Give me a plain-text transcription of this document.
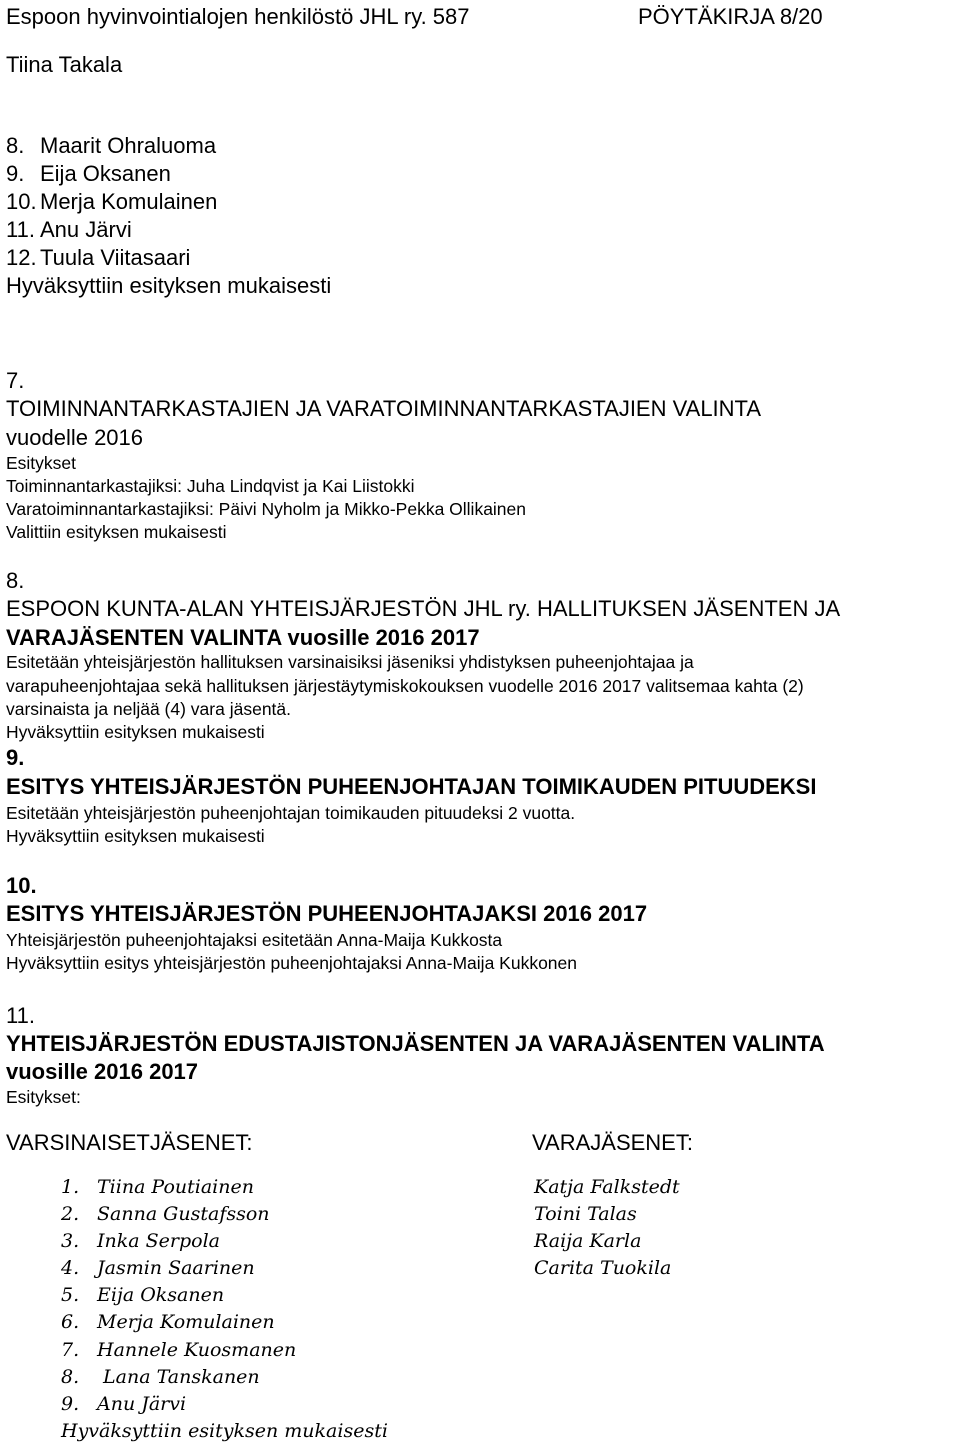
Espoon hyvinvointialojen henkilöstö JHL ry. 587	PÖYTÄKIRJA 8/20
Tiina Takala
8. Maarit Ohraluoma
9. Eija Oksanen
10. Merja Komulainen
11. Anu Järvi
12. Tuula Viitasaari
Hyväksyttiin esityksen mukaisesti
7.
TOIMINNANTARKASTAJIEN JA VARATOIMINNANTARKASTAJIEN VALINTA
vuodelle 2016
Esitykset
Toiminnantarkastajiksi: Juha Lindqvist ja Kai Liistokki
Varatoiminnantarkastajiksi: Päivi Nyholm ja Mikko-Pekka Ollikainen
Valittiin esityksen mukaisesti
8.
ESPOON KUNTA-ALAN YHTEISJÄRJESTÖN JHL ry. HALLITUKSEN JÄSENTEN JA
VARAJÄSENTEN VALINTA vuosille 2016 2017
Esitetään yhteisjärjestön hallituksen varsinaisiksi jäseniksi yhdistyksen puheenjohtajaa ja
varapuheenjohtajaa sekä hallituksen järjestäytymiskokouksen vuodelle 2016 2017 valitsemaa kahta (2)
varsinaista ja neljää (4) vara jäsentä.
Hyväksyttiin esityksen mukaisesti
9.
ESITYS YHTEISJÄRJESTÖN PUHEENJOHTAJAN TOIMIKAUDEN PITUUDEKSI
Esitetään yhteisjärjestön puheenjohtajan toimikauden pituudeksi 2 vuotta.
Hyväksyttiin esityksen mukaisesti
10.
ESITYS YHTEISJÄRJESTÖN PUHEENJOHTAJAKSI 2016 2017
Yhteisjärjestön puheenjohtajaksi esitetään Anna-Maija Kukkosta
Hyväksyttiin esitys yhteisjärjestön puheenjohtajaksi Anna-Maija Kukkonen
11.
YHTEISJÄRJESTÖN EDUSTAJISTONJÄSENTEN JA VARAJÄSENTEN VALINTA
vuosille 2016 2017
Esitykset:
VARSINAISETJÄSENET:	VARAJÄSENET:
1. Tiina Poutiainen
2. Sanna Gustafsson
3. Inka Serpola
4. Jasmin Saarinen
5. Eija Oksanen
6. Merja Komulainen
7. Hannele Kuosmanen
8. Lana Tanskanen
9. Anu Järvi
Katja Falkstedt
Toini Talas
Raija Karla
Carita Tuokila
Hyväksyttiin esityksen mukaisesti
